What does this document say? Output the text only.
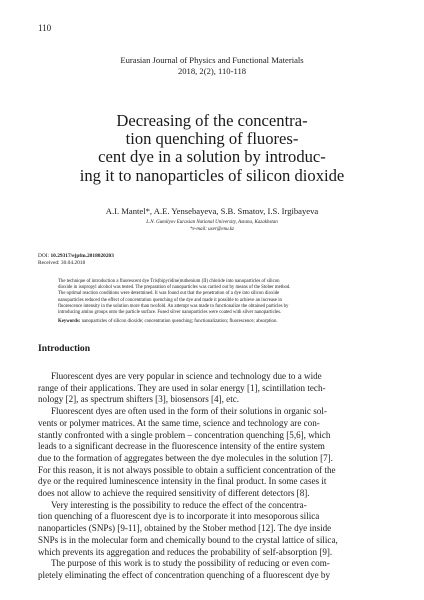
110
Eurasian Journal of Physics and Functional Materials
2018, 2(2), 110-118
Decreasing of the concentra-
tion quenching of fluores-
cent dye in a solution by introduc-
ing it to nanoparticles of silicon dioxide
A.I. Mantel*, A.E. Yensebayeva, S.B. Smatov, I.S. Irgibayeva
L.N. Gumilyov Eurasian National University, Astana, Kazakhstan
*e-mail: user@enu.kz
DOI: 10.29317/ejpfm.2018020203
Received: 30.04.2018
The technique of introduction a fluorescent dye Tris(bipyridine)ruthenium (II) chloride into nanoparticles of silicon
dioxide in isopropyl alcohol was tested. The preparation of nanoparticles was carried out by means of the Stober method.
The optimal reaction conditions were determined. It was found out that the penetration of a dye into silicon dioxide
nanoparticles reduced the effect of concentration quenching of the dye and made it possible to achieve an increase in
fluorescence intensity in the solution more than twofold. An attempt was made to functionalize the obtained particles by
introducing amino groups onto the particle surface. Fused silver nanoparticles were coated with silver nanoparticles.
Keywords: nanoparticles of silicon dioxide; concentration quenching; functionalization; fluorescence; absorption.
Introduction
Fluorescent dyes are very popular in science and technology due to a wide
range of their applications. They are used in solar energy [1], scintillation tech-
nology [2], as spectrum shifters [3], biosensors [4], etc.
Fluorescent dyes are often used in the form of their solutions in organic sol-
vents or polymer matrices. At the same time, science and technology are con-
stantly confronted with a single problem – concentration quenching [5,6], which
leads to a significant decrease in the fluorescence intensity of the entire system
due to the formation of aggregates between the dye molecules in the solution [7].
For this reason, it is not always possible to obtain a sufficient concentration of the
dye or the required luminescence intensity in the final product. In some cases it
does not allow to achieve the required sensitivity of different detectors [8].
Very interesting is the possibility to reduce the effect of the concentra-
tion quenching of a fluorescent dye is to incorporate it into mesoporous silica
nanoparticles (SNPs) [9-11], obtained by the Stober method [12]. The dye inside
SNPs is in the molecular form and chemically bound to the crystal lattice of silica,
which prevents its aggregation and reduces the probability of self-absorption [9].
The purpose of this work is to study the possibility of reducing or even com-
pletely eliminating the effect of concentration quenching of a fluorescent dye by
